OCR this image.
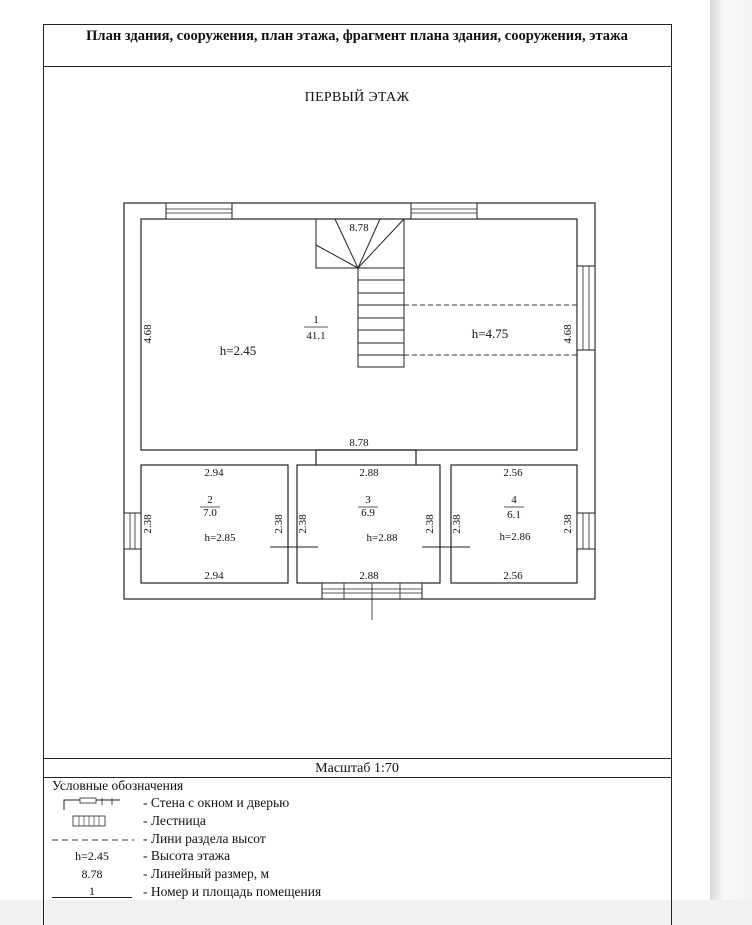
План здания, сооружения, план этажа, фрагмент плана здания, сооружения, этажа
ПЕРВЫЙ ЭТАЖ
8.78
8.78
4.68	4.68
1
41.1
h=2.45
h=4.75
2.94
2.94
2.38	2.38
2
7.0
h=2.85
2.88
2.88
2.38	2.38
3
6.9
h=2.88
2.56
2.56
2.38	2.38
4
6.1
h=2.86
Масштаб 1:70
Условные обозначения
- Стена с окном и дверью
- Лестница
- Лини раздела высот
h=2.45	- Высота этажа
8.78	- Линейный размер, м
1	- Номер и площадь помещения
